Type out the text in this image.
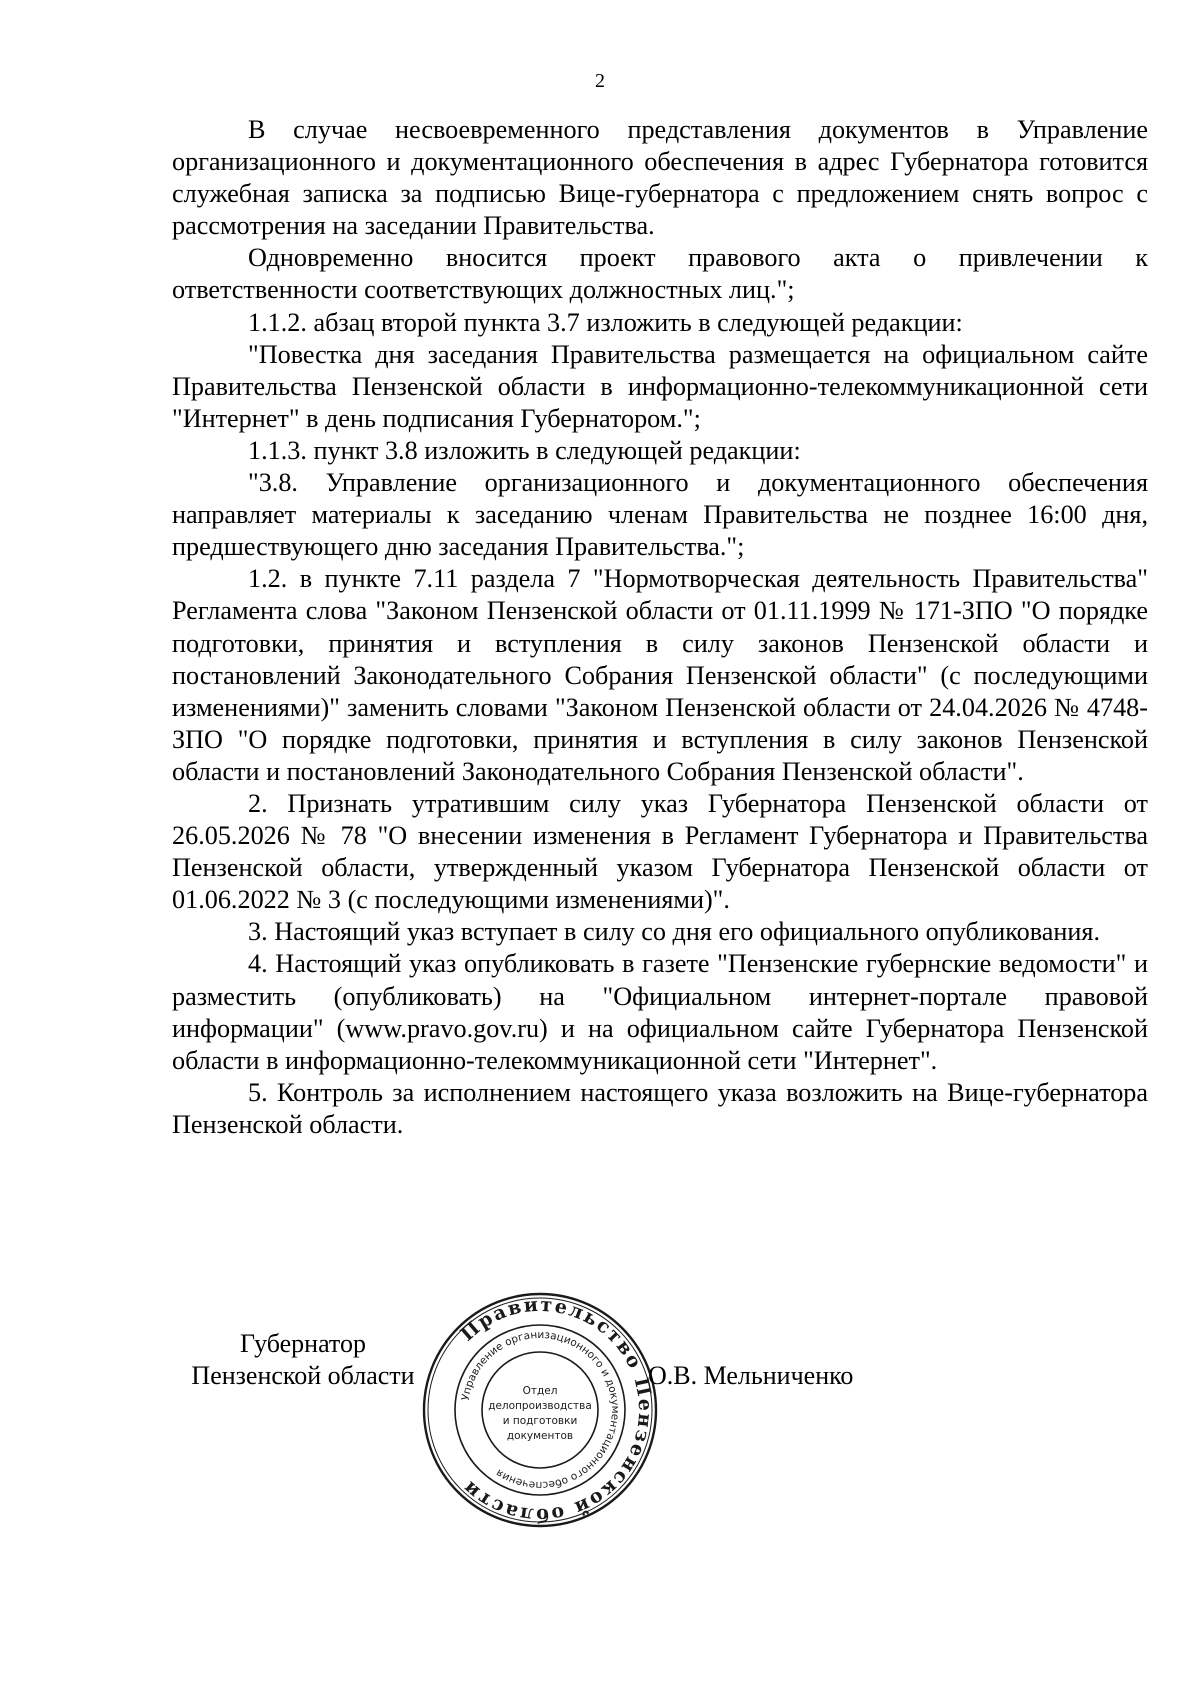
2

В случае несвоевременного представления документов в Управление организационного и документационного обеспечения в адрес Губернатора готовится служебная записка за подписью Вице-губернатора с предложением снять вопрос с рассмотрения на заседании Правительства.

Одновременно вносится проект правового акта о привлечении к ответственности соответствующих должностных лиц.";

1.1.2. абзац второй пункта 3.7 изложить в следующей редакции:

"Повестка дня заседания Правительства размещается на официальном сайте Правительства Пензенской области в информационно-телекоммуникационной сети "Интернет" в день подписания Губернатором.";

1.1.3. пункт 3.8 изложить в следующей редакции:

"3.8. Управление организационного и документационного обеспечения направляет материалы к заседанию членам Правительства не позднее 16:00 дня, предшествующего дню заседания Правительства.";

1.2. в пункте 7.11 раздела 7 "Нормотворческая деятельность Правительства" Регламента слова "Законом Пензенской области от 01.11.1999 № 171-ЗПО "О порядке подготовки, принятия и вступления в силу законов Пензенской области и постановлений Законодательного Собрания Пензенской области" (с последующими изменениями)" заменить словами "Законом Пензенской области от 24.04.2026 № 4748-ЗПО "О порядке подготовки, принятия и вступления в силу законов Пензенской области и постановлений Законодательного Собрания Пензенской области".

2. Признать утратившим силу указ Губернатора Пензенской области от 26.05.2026 № 78 "О внесении изменения в Регламент Губернатора и Правительства Пензенской области, утвержденный указом Губернатора Пензенской области от 01.06.2022 № 3 (с последующими изменениями)".

3. Настоящий указ вступает в силу со дня его официального опубликования.

4. Настоящий указ опубликовать в газете "Пензенские губернские ведомости" и разместить (опубликовать) на "Официальном интернет-портале правовой информации" (www.pravo.gov.ru) и на официальном сайте Губернатора Пензенской области в информационно-телекоммуникационной сети "Интернет".

5. Контроль за исполнением настоящего указа возложить на Вице-губернатора Пензенской области.

Губернатор
Пензенской области
Правительство Пензенской области
Управление организационного и документационного обеспечения
Отдел
делопроизводства
и подготовки
документов
О.В. Мельниченко
